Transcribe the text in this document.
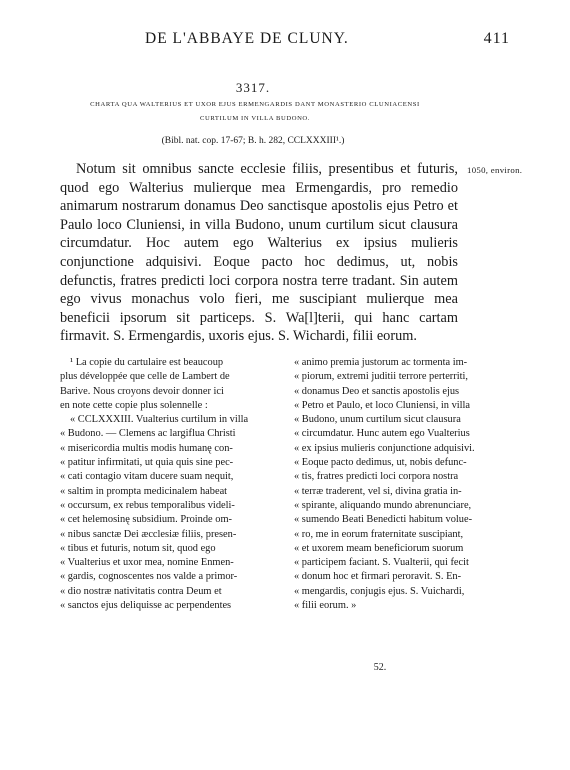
DE L'ABBAYE DE CLUNY.	411
3317.
CHARTA QUA WALTERIUS ET UXOR EJUS ERMENGARDIS DANT MONASTERIO CLUNIACENSI
CURTILUM IN VILLA BUDONO.
(Bibl. nat. cop. 17-67; B. h. 282, CCLXXXIII¹.)

Notum sit omnibus sancte ecclesie filiis, presentibus et futuris, quod ego Walterius mulierque mea Ermengardis, pro remedio animarum nostrarum donamus Deo sanctisque apostolis ejus Petro et Paulo loco Cluniensi, in villa Budono, unum curtilum sicut clausura circumdatur. Hoc autem ego Walterius ex ipsius mulieris conjunctione adquisivi. Eoque pacto hoc dedimus, ut, nobis defunctis, fratres predicti loci corpora nostra terre tradant. Sin autem ego vivus monachus volo fieri, me suscipiant mulierque mea beneficii ipsorum sit particeps. S. Wa[l]terii, qui hanc cartam firmavit. S. Ermengardis, uxoris ejus. S. Wichardi, filii eorum.

1050, environ.
¹ La copie du cartulaire est beaucoup
plus développée que celle de Lambert de
Barive. Nous croyons devoir donner ici
en note cette copie plus solennelle :
« CCLXXXIII. Vualterius curtilum in villa
« Budono. — Clemens ac largiflua Christi
« misericordia multis modis humanę con-
« patitur infirmitati, ut quia quis sine pec-
« cati contagio vitam ducere suam nequit,
« saltim in prompta medicinalem habeat
« occursum, ex rebus temporalibus videli-
« cet helemosinę subsidium. Proinde om-
« nibus sanctæ Dei æcclesiæ filiis, presen-
« tibus et futuris, notum sit, quod ego
« Vualterius et uxor mea, nomine Enmen-
« gardis, cognoscentes nos valde a primor-
« dio nostræ nativitatis contra Deum et
« sanctos ejus deliquisse ac perpendentes
« animo premia justorum ac tormenta im-
« piorum, extremi juditii terrore perterriti,
« donamus Deo et sanctis apostolis ejus
« Petro et Paulo, et loco Cluniensi, in villa
« Budono, unum curtilum sicut clausura
« circumdatur. Hunc autem ego Vualterius
« ex ipsius mulieris conjunctione adquisivi.
« Eoque pacto dedimus, ut, nobis defunc-
« tis, fratres predicti loci corpora nostra
« terræ traderent, vel si, divina gratia in-
« spirante, aliquando mundo abrenunciare,
« sumendo Beati Benedicti habitum volue-
« ro, me in eorum fraternitate suscipiant,
« et uxorem meam beneficiorum suorum
« participem faciant. S. Vualterii, qui fecit
« donum hoc et firmari peroravit. S. En-
« mengardis, conjugis ejus. S. Vuichardi,
« filii eorum. »
52.
